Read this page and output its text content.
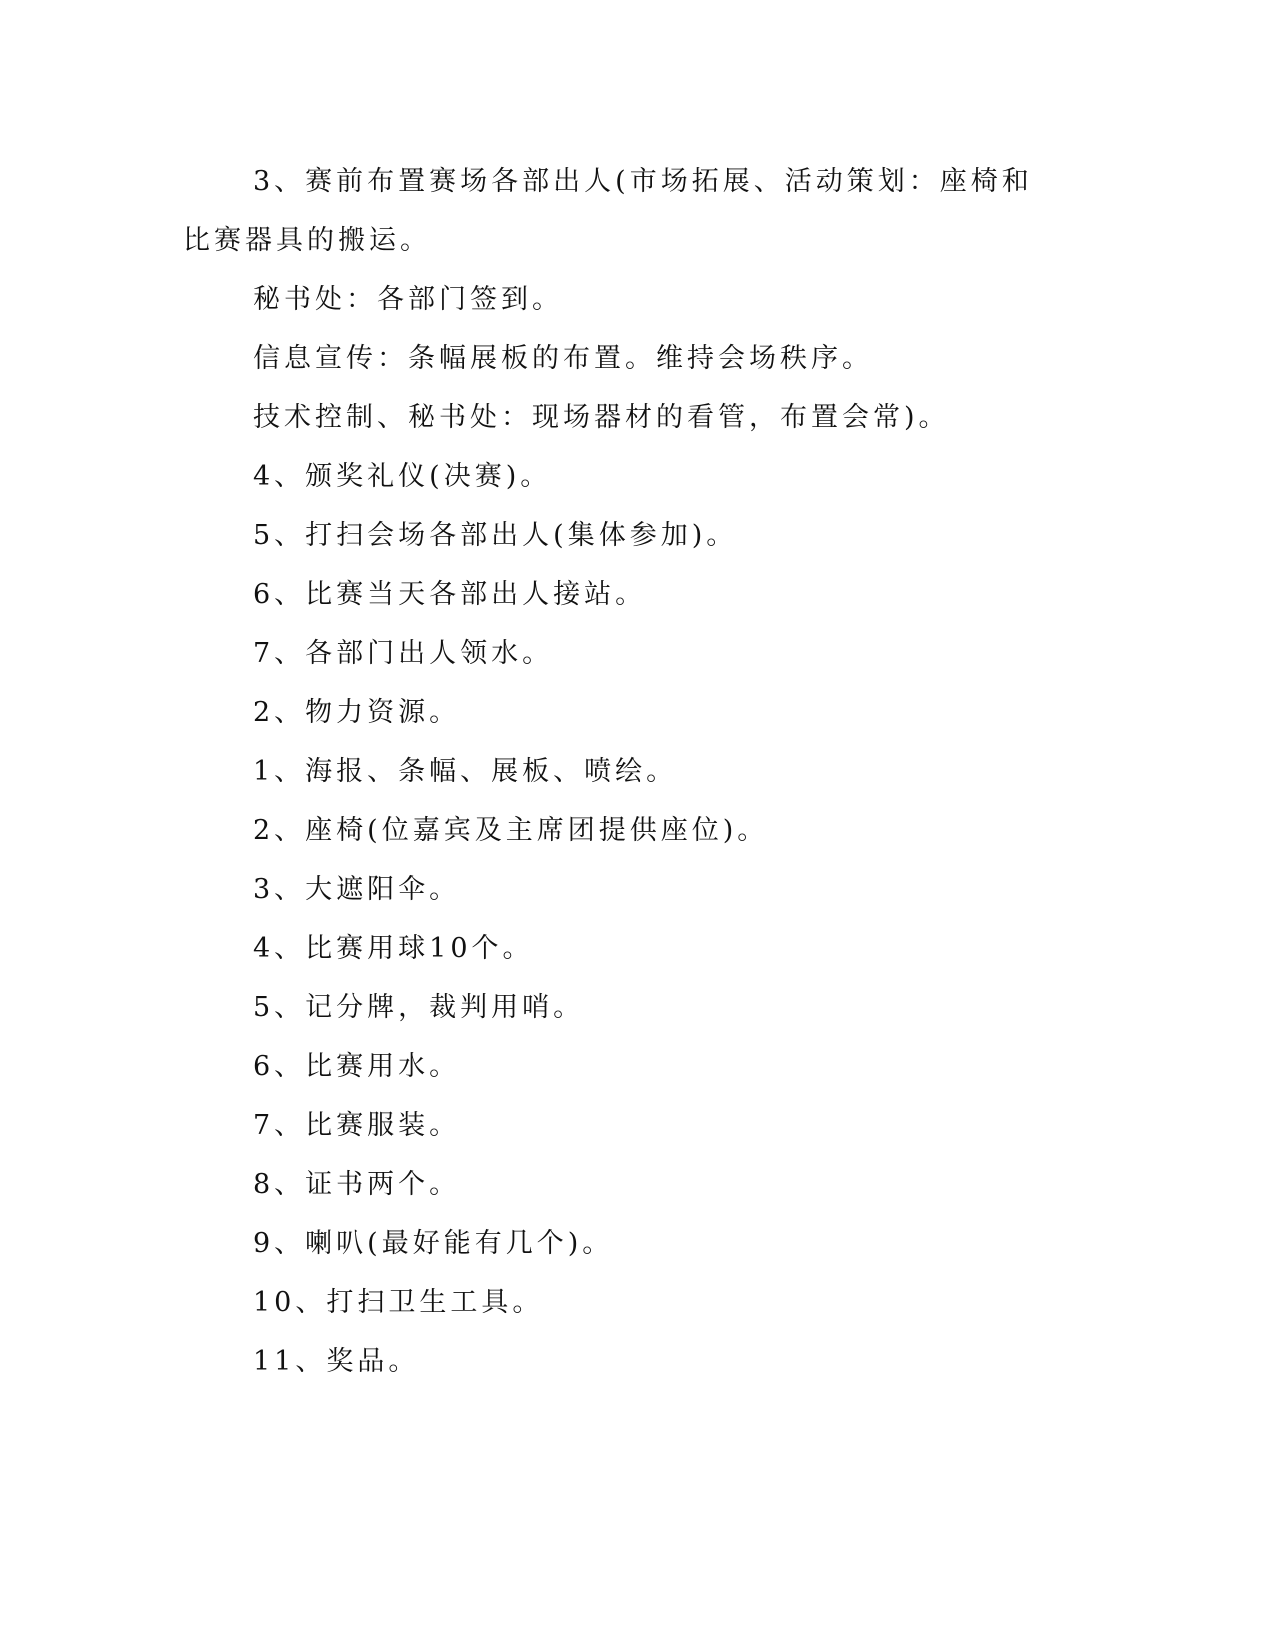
3、赛前布置赛场各部出人(市场拓展、活动策划：座椅和比赛器具的搬运。

秘书处：各部门签到。

信息宣传：条幅展板的布置。维持会场秩序。

技术控制、秘书处：现场器材的看管，布置会常)。

4、颁奖礼仪(决赛)。

5、打扫会场各部出人(集体参加)。

6、比赛当天各部出人接站。

7、各部门出人领水。

2、物力资源。

1、海报、条幅、展板、喷绘。

2、座椅(位嘉宾及主席团提供座位)。

3、大遮阳伞。

4、比赛用球10个。

5、记分牌，裁判用哨。

6、比赛用水。

7、比赛服装。

8、证书两个。

9、喇叭(最好能有几个)。

10、打扫卫生工具。

11、奖品。
